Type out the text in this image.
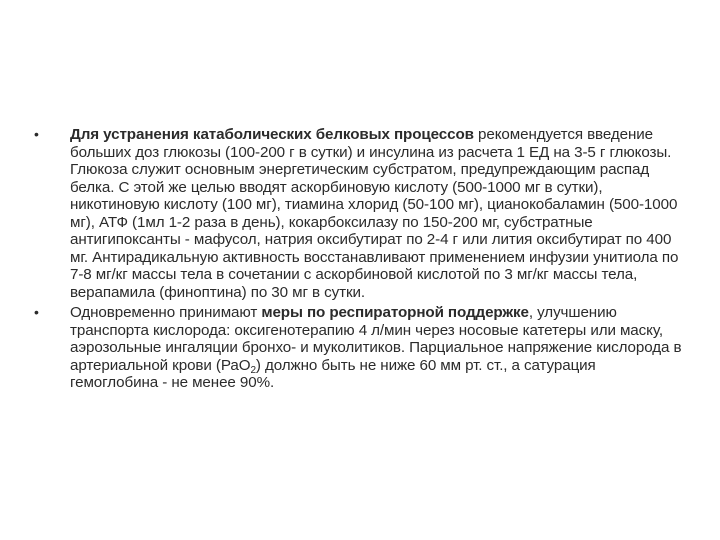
• Для устранения катаболических белковых процессов рекомендуется введение больших доз глюкозы (100-200 г в сутки) и инсулина из расчета 1 ЕД на 3-5 г глюкозы. Глюкоза служит основным энергетическим субстратом, предупреждающим распад белка. С этой же целью вводят аскорбиновую кислоту (500-1000 мг в сутки), никотиновую кислоту (100 мг), тиамина хлорид (50-100 мг), цианокобаламин (500-1000 мг), АТФ (1мл 1-2 раза в день), кокарбоксилазу по 150-200 мг, субстратные антигипоксанты - мафусол, натрия оксибутират по 2-4 г или лития оксибутират по 400 мг. Антирадикальную активность восстанавливают применением инфузии унитиола по 7-8 мг/кг массы тела в сочетании с аскорбиновой кислотой по 3 мг/кг массы тела, верапамила (финоптина) по 30 мг в сутки.
• Одновременно принимают меры по респираторной поддержке, улучшению транспорта кислорода: оксигенотерапию 4 л/мин через носовые катетеры или маску, аэрозольные ингаляции бронхо- и муколитиков. Парциальное напряжение кислорода в артериальной крови (РаО$_2$) должно быть не ниже 60 мм рт. ст., а сатурация гемоглобина - не менее 90%.
